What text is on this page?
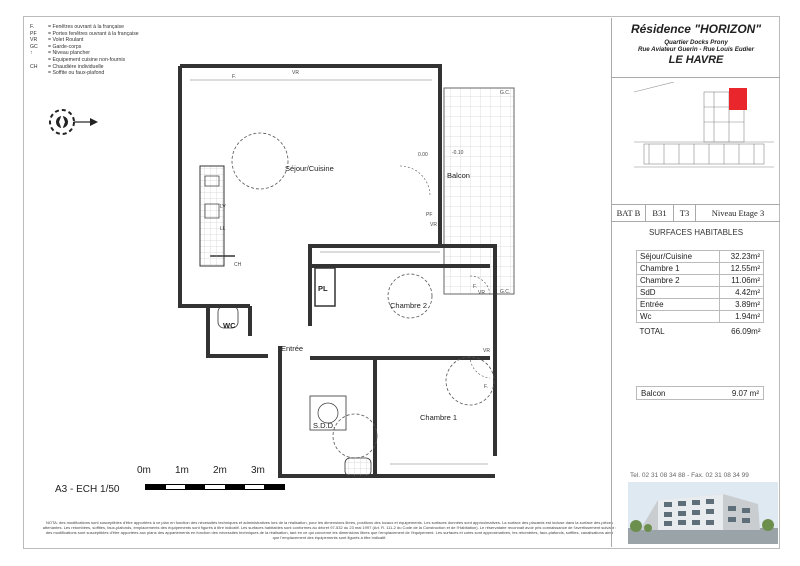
F.	= Fenêtres ouvrant à la française
PF	= Portes fenêtres ouvrant à la française
VR	= Volet Roulant
GC	= Garde-corps
↑	= Niveau plancher
= Equipement cuisine non-fournis
CH	= Chaudière individuelle
= Soffite ou faux-plafond
Séjour/Cuisine
Balcon
Chambre 2
Chambre 1
Entrée
WC
S.D.D.
PL
F.
VR
PF
VR
G.C.
G.C.
VR
F.
VR
F.
LV
LL
CH
0.00	-0.10
0m 1m 2m 3m
A3 - ECH 1/50
NOTA: des modifications sont susceptibles d'être apportées à ce plan en fonction des nécessités techniques et administratives lors de la réalisation, pour les dimensions libres, positions des locaux et équipements. Les surfaces données sont approximatives. La surface des placards est incluse dans la surface des pièces attenantes. Les retombées, soffites, faux-plafonds, emplacements des équipements sont figurés à titre indicatif. Les surfaces habitables sont conformes au décret 97-532 du 23 mai 1997 (Art. R. 111-2 du Code de la Construction et de l'Habitation). Le réservataire reconnait avoir pris connaissance de l'avertissement suivant : des modifications sont susceptibles d'être apportées aux plans des appartements en fonction des nécessités techniques de la réalisation, tant en ce qui concerne les dimensions libres que l'emplacement de l'équipement. Les surfaces et cotes sont approximatives, les retombées, faux-plafonds, soffites, canalisations ainsi que l'emplacement des équipements sont figurés à titre indicatif.
Résidence "HORIZON"
Quartier Docks Prony
Rue Aviateur Guerin - Rue Louis Eudier
LE HAVRE
BAT B	B31	T3	Niveau Etage 3
SURFACES HABITABLES
Séjour/Cuisine	32.23m²
Chambre 1	12.55m²
Chambre 2	11.06m²
SdD	4.42m²
Entrée	3.89m²
Wc	1.94m²
TOTAL	66.09m²
Balcon	9.07 m²
Tel. 02 31 08 34 88 - Fax. 02 31 08 34 99
